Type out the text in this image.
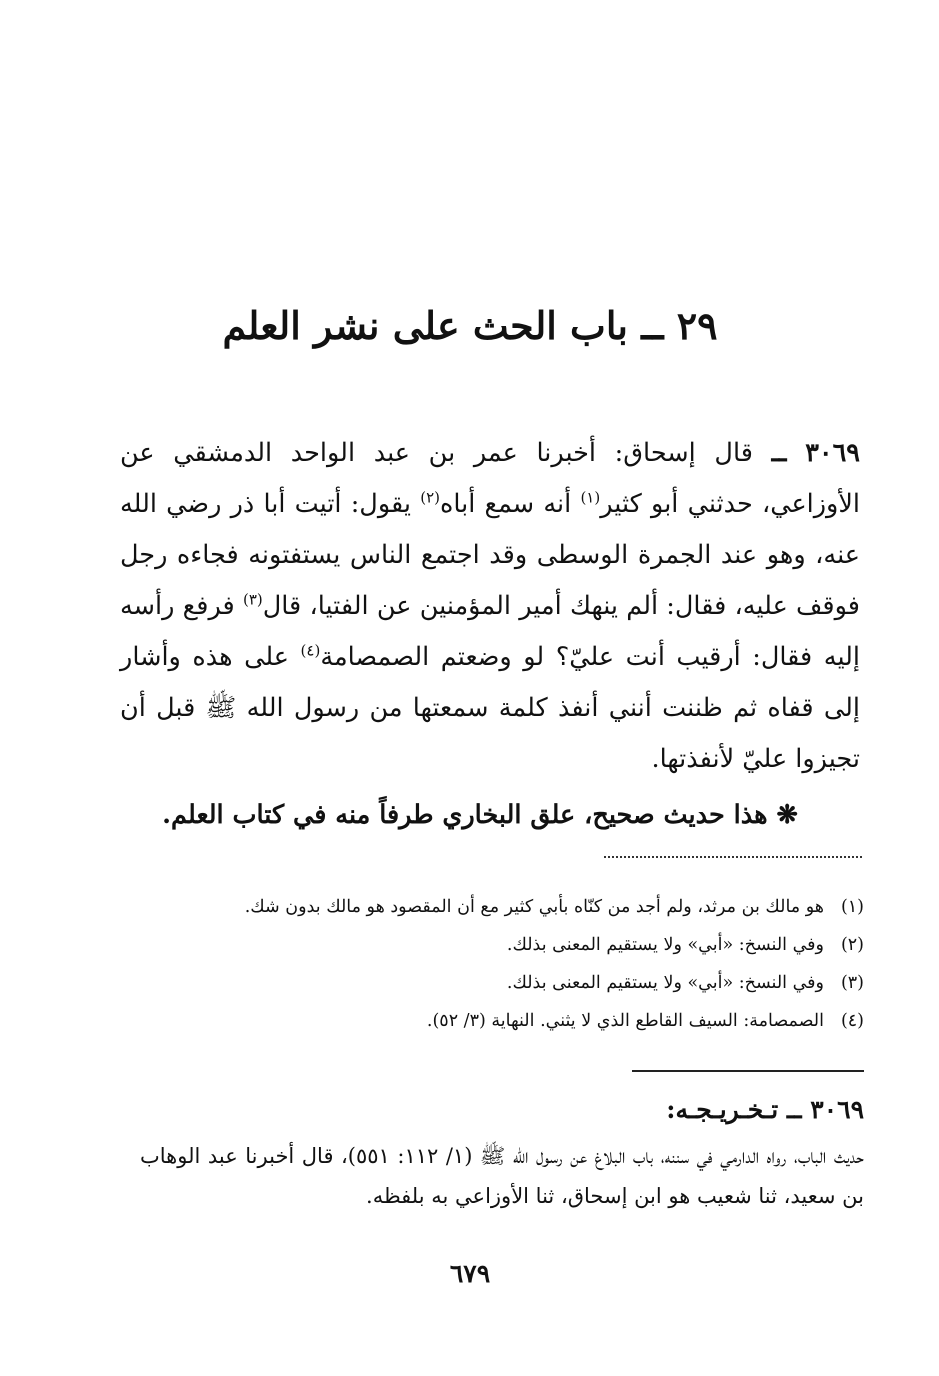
٢٩ ــ باب الحث على نشر العلم

٣٠٦٩ ــ قال إسحاق: أخبرنا عمر بن عبد الواحد الدمشقي عن الأوزاعي، حدثني أبو كثير$^{(١)}$ أنه سمع أباه$^{(٢)}$ يقول: أتيت أبا ذر رضي الله عنه، وهو عند الجمرة الوسطى وقد اجتمع الناس يستفتونه فجاءه رجل فوقف عليه، فقال: ألم ينهك أمير المؤمنين عن الفتيا، قال$^{(٣)}$ فرفع رأسه إليه فقال: أرقيب أنت عليّ؟ لو وضعتم الصمصامة$^{(٤)}$ على هذه وأشار إلى قفاه ثم ظننت أنني أنفذ كلمة سمعتها من رسول الله ﷺ قبل أن تجيزوا عليّ لأنفذتها.

❋ هذا حديث صحيح، علق البخاري طرفاً منه في كتاب العلم.
(١)
هو مالك بن مرثد، ولم أجد من كنّاه بأبي كثير مع أن المقصود هو مالك بدون شك.
(٢)
وفي النسخ: «أبي» ولا يستقيم المعنى بذلك.
(٣)
وفي النسخ: «أبي» ولا يستقيم المعنى بذلك.
(٤)
الصمصامة: السيف القاطع الذي لا يثني. النهاية (٣/ ٥٢).
٣٠٦٩ ــ تـخـريـجـه:

حديث الباب، رواه الدارمي في سننه، باب البلاغ عن رسول الله ﷺ (١/ ١١٢: ٥٥١)، قال أخبرنا عبد الوهاب بن سعيد، ثنا شعيب هو ابن إسحاق، ثنا الأوزاعي به بلفظه.

٦٧٩
